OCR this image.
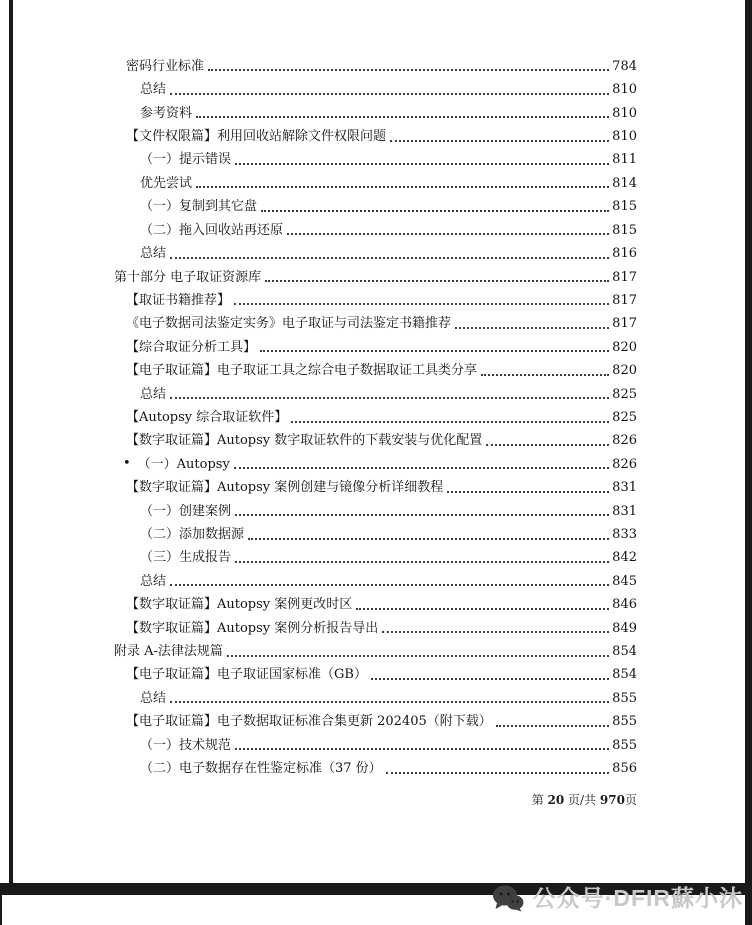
密码行业标准	784
总结	810
参考资料	810
【文件权限篇】利用回收站解除文件权限问题	810
（一）提示错误	811
优先尝试	814
（一）复制到其它盘	815
（二）拖入回收站再还原	815
总结	816
第十部分 电子取证资源库	817
【取证书籍推荐】	817
《电子数据司法鉴定实务》电子取证与司法鉴定书籍推荐	817
【综合取证分析工具】	820
【电子取证篇】电子取证工具之综合电子数据取证工具类分享	820
总结	825
【Autopsy 综合取证软件】	825
【数字取证篇】Autopsy 数字取证软件的下载安装与优化配置	826
• （一）Autopsy	826
【数字取证篇】Autopsy 案例创建与镜像分析详细教程	831
（一）创建案例	831
（二）添加数据源	833
（三）生成报告	842
总结	845
【数字取证篇】Autopsy 案例更改时区	846
【数字取证篇】Autopsy 案例分析报告导出	849
附录 A-法律法规篇	854
【电子取证篇】电子取证国家标准（GB）	854
总结	855
【电子取证篇】电子数据取证标准合集更新 202405（附下载）	855
（一）技术规范	855
（二）电子数据存在性鉴定标准（37 份）	856
第 20 页/共 970页
公众号·DFIR蘇小沐
